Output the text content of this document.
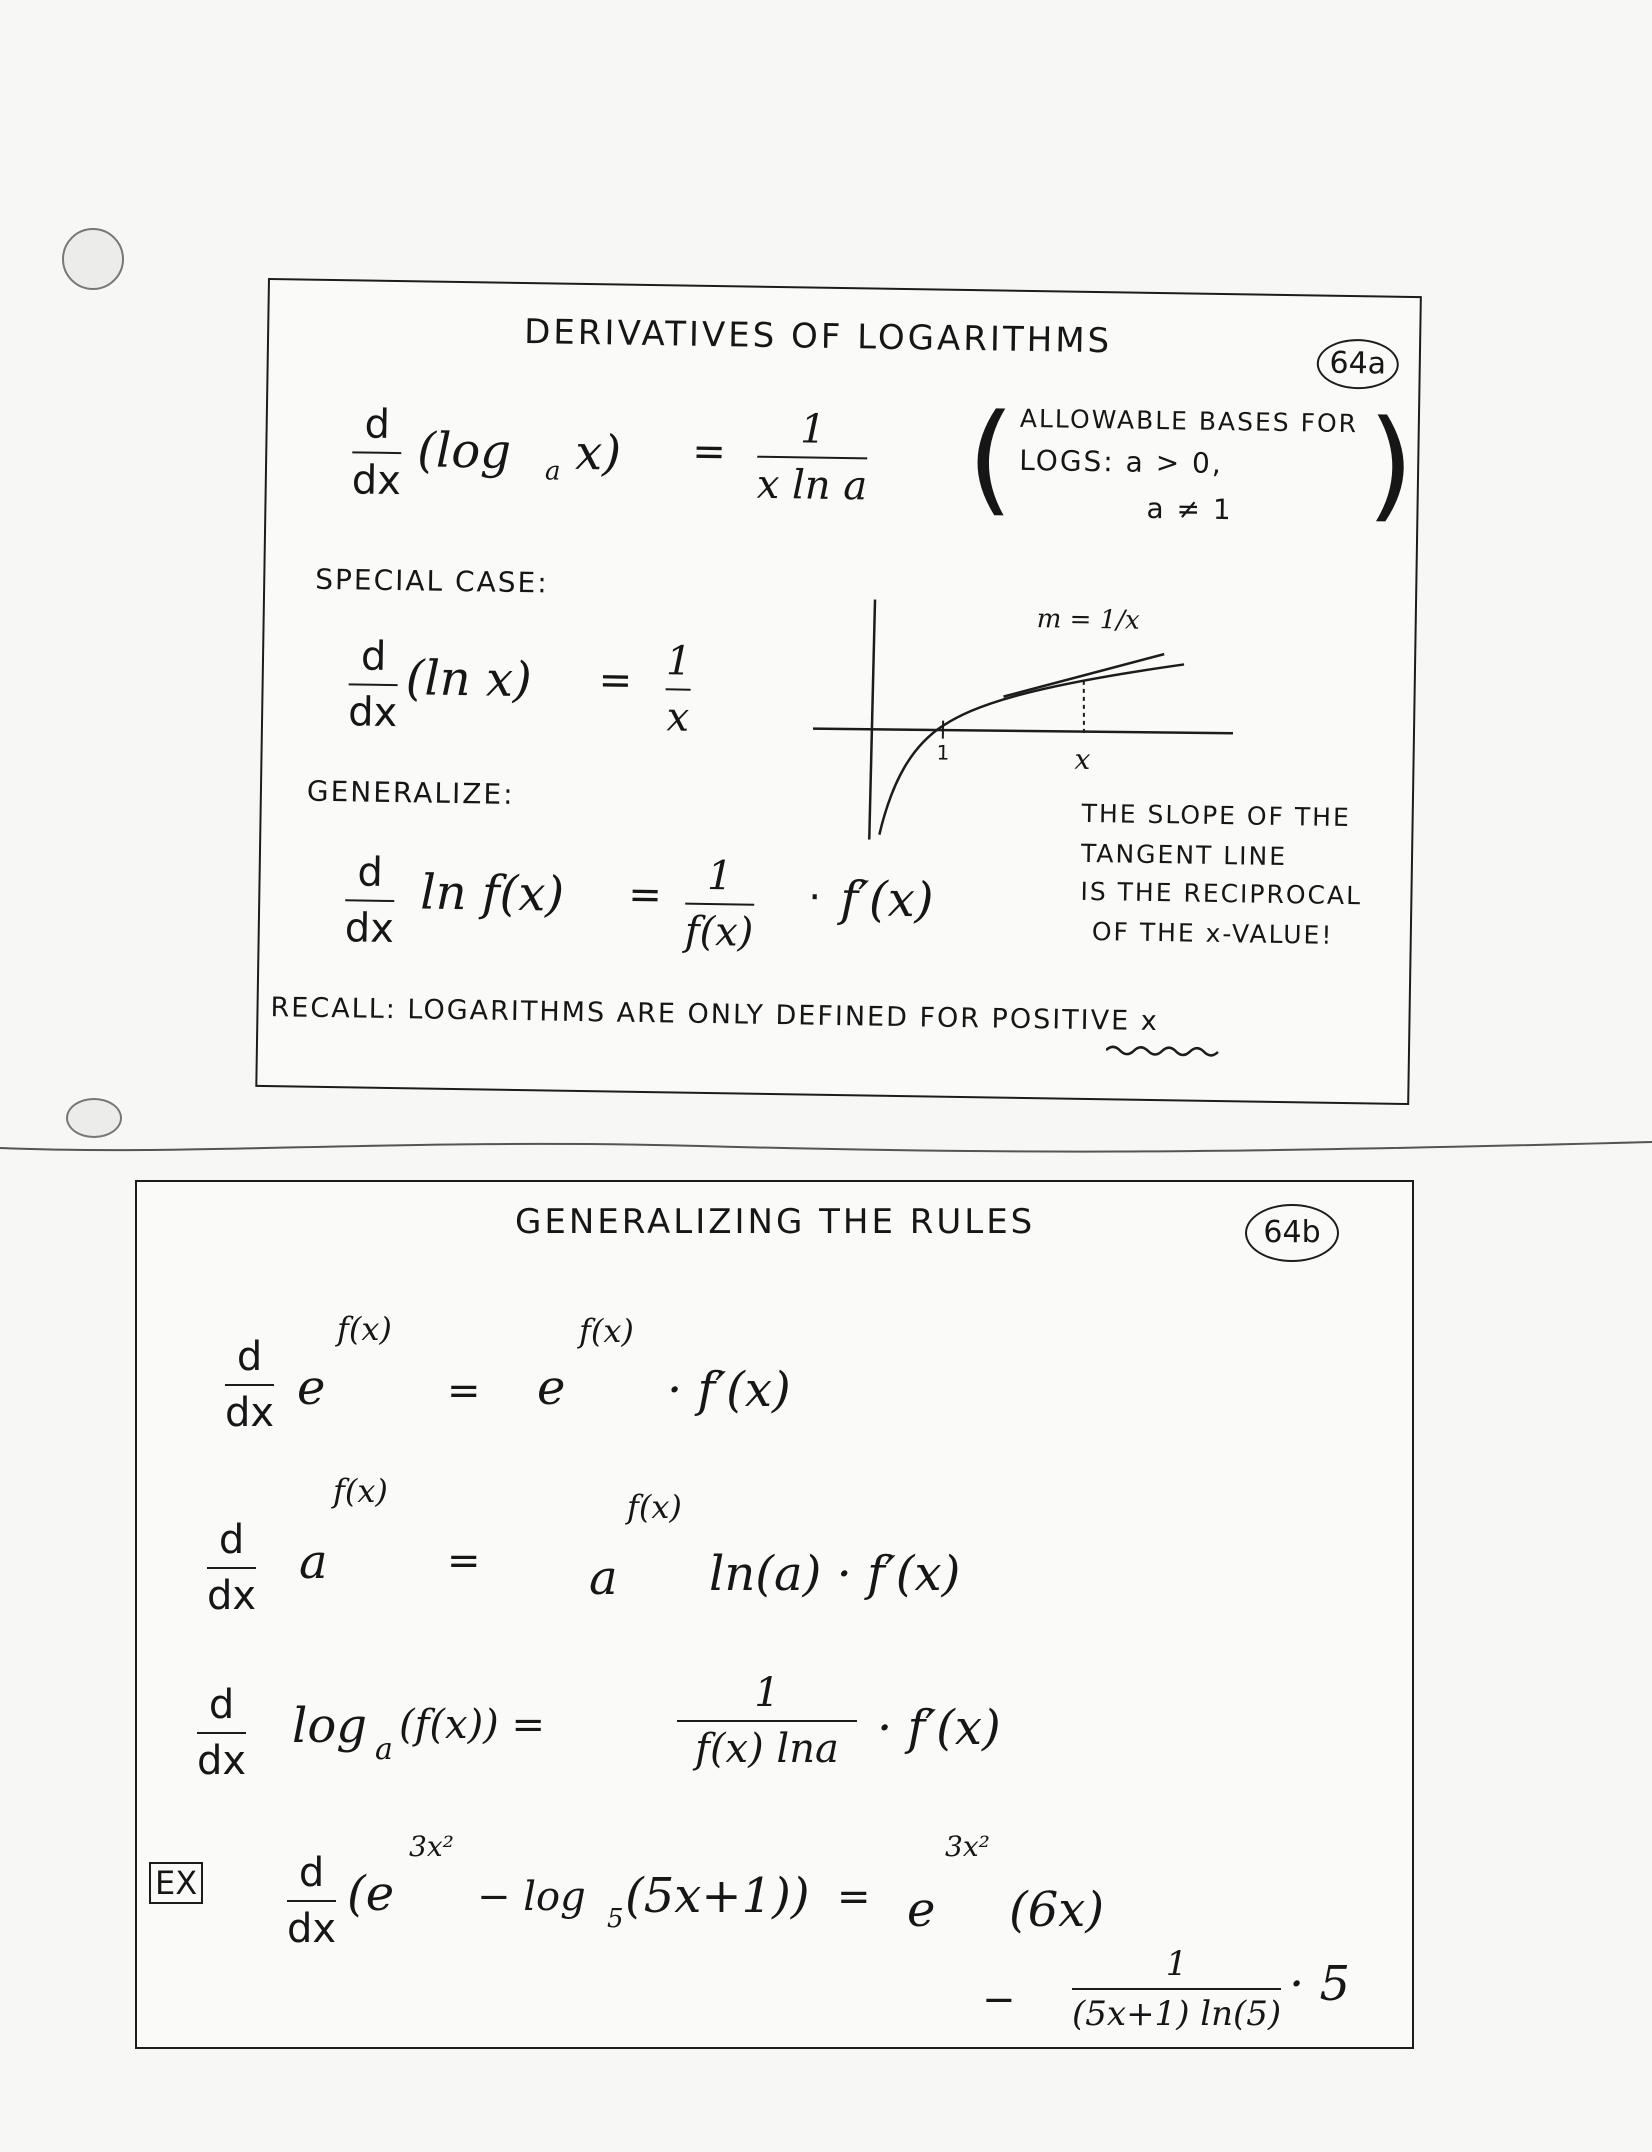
DERIVATIVES OF LOGARITHMS
64a
d
dx
(log a x) = 1
x ln a ( ALLOWABLE BASES FOR
LOGS: a > 0,
a ≠ 1 )
SPECIAL CASE:
d
dx
(ln x) = 1
x
m = 1/x
1	x
GENERALIZE:
d
dx
ln f(x) = 1
f(x)
· f′(x)
THE SLOPE OF THE
TANGENT LINE
IS THE RECIPROCAL
OF THE x-VALUE!
RECALL: LOGARITHMS ARE ONLY DEFINED FOR POSITIVE x
GENERALIZING THE RULES	64b
d
dx e
f(x)
= e
f(x)
· f′(x)
d
dx
a
f(x)
= a
f(x)
ln(a) · f′(x)
d
dx
log a
(f(x)) =
1
f(x) lna · f′(x)
EX	d
dx
(e
3x²
− log 5 (5x+1)) = e
3x²
(6x)
−
1
(5x+1) ln(5)
· 5
